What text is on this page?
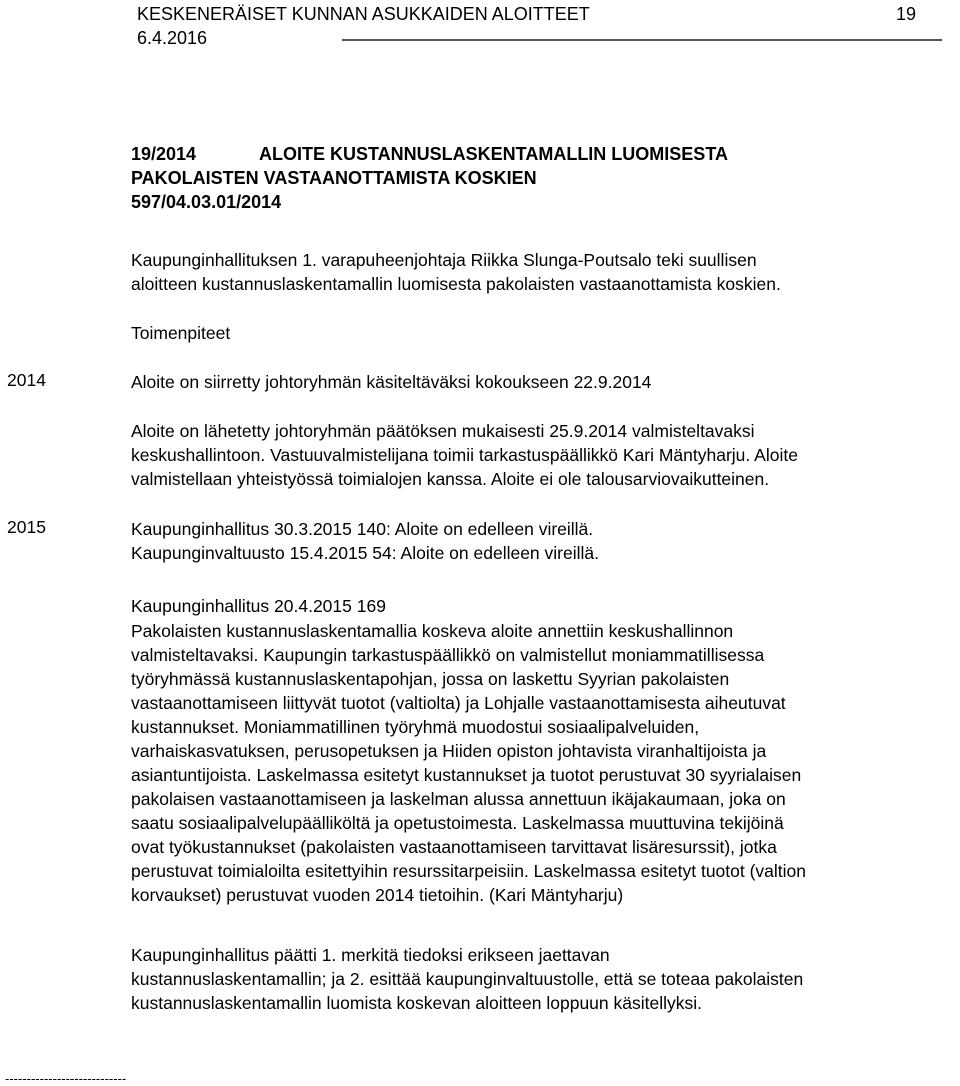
KESKENERÄISET KUNNAN ASUKKAIDEN ALOITTEET	19
6.4.2016
19/2014	ALOITE KUSTANNUSLASKENTAMALLIN LUOMISESTA
PAKOLAISTEN VASTAANOTTAMISTA KOSKIEN
597/04.03.01/2014
Kaupunginhallituksen 1. varapuheenjohtaja Riikka Slunga-Poutsalo teki suullisen
aloitteen kustannuslaskentamallin luomisesta pakolaisten vastaanottamista koskien.
Toimenpiteet
2014	Aloite on siirretty johtoryhmän käsiteltäväksi kokoukseen 22.9.2014
Aloite on lähetetty johtoryhmän päätöksen mukaisesti 25.9.2014 valmisteltavaksi
keskushallintoon. Vastuuvalmistelijana toimii tarkastuspäällikkö Kari Mäntyharju. Aloite
valmistellaan yhteistyössä toimialojen kanssa. Aloite ei ole talousarviovaikutteinen.
2015	Kaupunginhallitus 30.3.2015 140: Aloite on edelleen vireillä.
Kaupunginvaltuusto 15.4.2015 54: Aloite on edelleen vireillä.
Kaupunginhallitus 20.4.2015 169
Pakolaisten kustannuslaskentamallia koskeva aloite annettiin keskushallinnon
valmisteltavaksi. Kaupungin tarkastuspäällikkö on valmistellut moniammatillisessa
työryhmässä kustannuslaskentapohjan, jossa on laskettu Syyrian pakolaisten
vastaanottamiseen liittyvät tuotot (valtiolta) ja Lohjalle vastaanottamisesta aiheutuvat
kustannukset. Moniammatillinen työryhmä muodostui sosiaalipalveluiden,
varhaiskasvatuksen, perusopetuksen ja Hiiden opiston johtavista viranhaltijoista ja
asiantuntijoista. Laskelmassa esitetyt kustannukset ja tuotot perustuvat 30 syyrialaisen
pakolaisen vastaanottamiseen ja laskelman alussa annettuun ikäjakaumaan, joka on
saatu sosiaalipalvelupäälliköltä ja opetustoimesta. Laskelmassa muuttuvina tekijöinä
ovat työkustannukset (pakolaisten vastaanottamiseen tarvittavat lisäresurssit), jotka
perustuvat toimialoilta esitettyihin resurssitarpeisiin. Laskelmassa esitetyt tuotot (valtion
korvaukset) perustuvat vuoden 2014 tietoihin. (Kari Mäntyharju)
Kaupunginhallitus päätti 1. merkitä tiedoksi erikseen jaettavan
kustannuslaskentamallin; ja 2. esittää kaupunginvaltuustolle, että se toteaa pakolaisten
kustannuslaskentamallin luomista koskevan aloitteen loppuun käsitellyksi.
----------------------------
